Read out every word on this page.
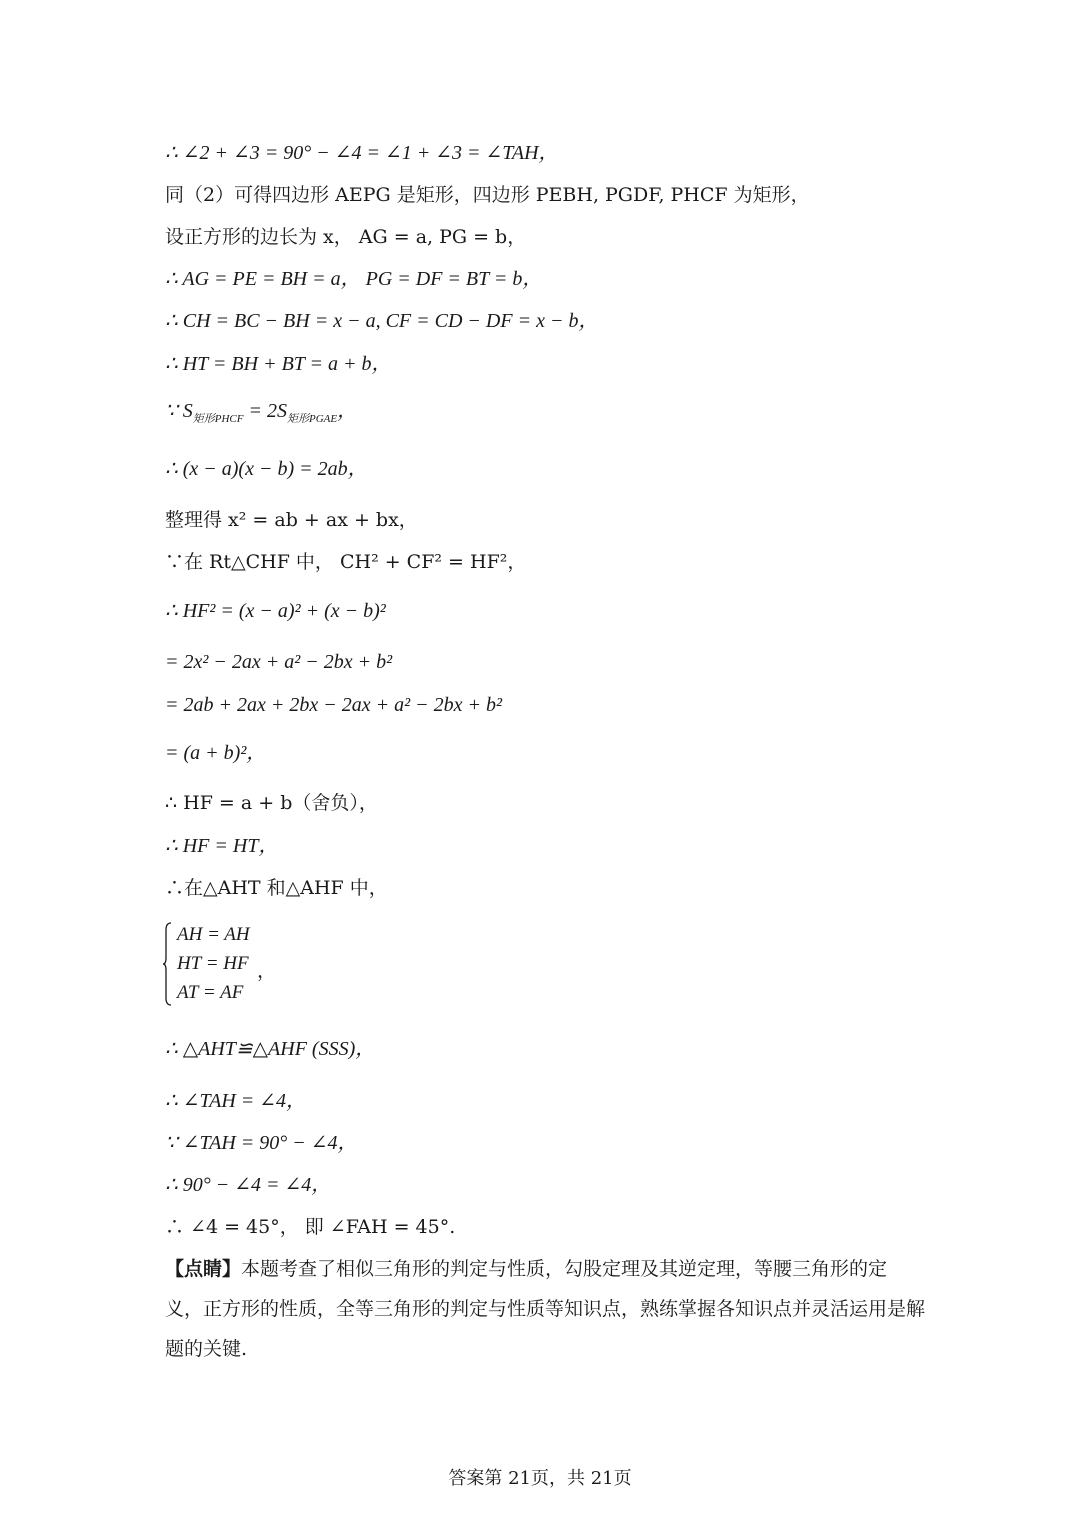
∴ ∠2 + ∠3 = 90° − ∠4 = ∠1 + ∠3 = ∠TAH，
同（2）可得四边形 AEPG 是矩形，四边形 PEBH, PGDF, PHCF 为矩形，
设正方形的边长为 x， AG = a, PG = b，
∴ AG = PE = BH = a， PG = DF = BT = b，
∴ CH = BC − BH = x − a, CF = CD − DF = x − b，
∴ HT = BH + BT = a + b，
∵ $S_{矩形PHCF} = 2S_{矩形PGAE}$，
∴ (x − a)(x − b) = 2ab，
整理得 x² = ab + ax + bx，
∵在 Rt△CHF 中， CH² + CF² = HF²，
∴ HF² = (x − a)² + (x − b)²
= 2x² − 2ax + a² − 2bx + b²
= 2ab + 2ax + 2bx − 2ax + a² − 2bx + b²
= (a + b)²，
∴ HF = a + b（舍负），
∴ HF = HT，
∴在△AHT 和△AHF 中，
AH = AH
HT = HF
AT = AF
，
∴ △AHT≌△AHF (SSS)，
∴ ∠TAH = ∠4，
∵ ∠TAH = 90° − ∠4，
∴ 90° − ∠4 = ∠4，
∴ ∠4 = 45°， 即 ∠FAH = 45°.
【点睛】本题考查了相似三角形的判定与性质，勾股定理及其逆定理，等腰三角形的定义，正方形的性质，全等三角形的判定与性质等知识点，熟练掌握各知识点并灵活运用是解题的关键.
答案第 21页，共 21页
